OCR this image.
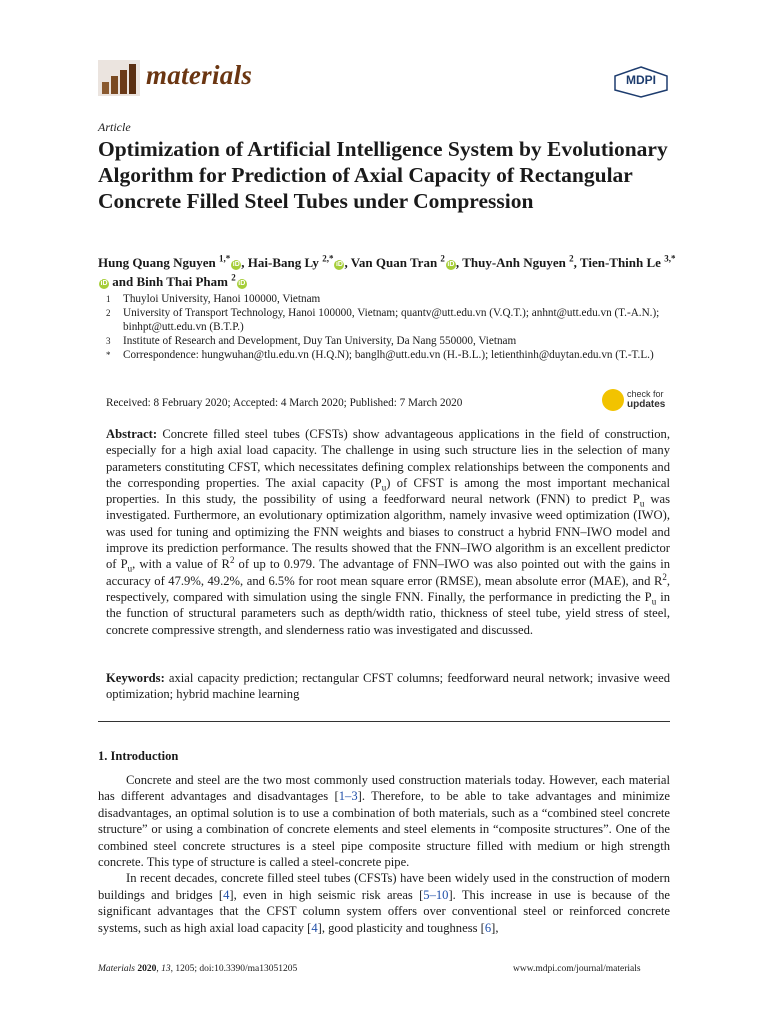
materials	MDPI
Article
Optimization of Artificial Intelligence System by Evolutionary Algorithm for Prediction of Axial Capacity of Rectangular Concrete Filled Steel Tubes under Compression
Hung Quang Nguyen $^{1,*}$iD , Hai-Bang Ly $^{2,*}$iD , Van Quan Tran $^2$iD , Thuy-Anh Nguyen $^2$, Tien-Thinh Le $^{3,*}$iD and Binh Thai Pham $^2$iD
1	Thuyloi University, Hanoi 100000, Vietnam
2	University of Transport Technology, Hanoi 100000, Vietnam; quantv@utt.edu.vn (V.Q.T.); anhnt@utt.edu.vn (T.-A.N.); binhpt@utt.edu.vn (B.T.P.)
3	Institute of Research and Development, Duy Tan University, Da Nang 550000, Vietnam
*	Correspondence: hungwuhan@tlu.edu.vn (H.Q.N); banglh@utt.edu.vn (H.-B.L.); letienthinh@duytan.edu.vn (T.-T.L.)
Received: 8 February 2020; Accepted: 4 March 2020; Published: 7 March 2020
check for
updates
Abstract: Concrete filled steel tubes (CFSTs) show advantageous applications in the field of construction, especially for a high axial load capacity. The challenge in using such structure lies in the selection of many parameters constituting CFST, which necessitates defining complex relationships between the components and the corresponding properties. The axial capacity $(P_u)$ of CFST is among the most important mechanical properties. In this study, the possibility of using a feedforward neural network (FNN) to predict $P_u$ was investigated. Furthermore, an evolutionary optimization algorithm, namely invasive weed optimization (IWO), was used for tuning and optimizing the FNN weights and biases to construct a hybrid FNN–IWO model and improve its prediction performance. The results showed that the FNN–IWO algorithm is an excellent predictor of $P_u$, with a value of $R^2$ of up to 0.979. The advantage of FNN–IWO was also pointed out with the gains in accuracy of 47.9%, 49.2%, and 6.5% for root mean square error (RMSE), mean absolute error (MAE), and $R^2$, respectively, compared with simulation using the single FNN. Finally, the performance in predicting the $P_u$ in the function of structural parameters such as depth/width ratio, thickness of steel tube, yield stress of steel, concrete compressive strength, and slenderness ratio was investigated and discussed.
Keywords: axial capacity prediction; rectangular CFST columns; feedforward neural network; invasive weed optimization; hybrid machine learning
1. Introduction

Concrete and steel are the two most commonly used construction materials today. However, each material has different advantages and disadvantages [1–3]. Therefore, to be able to take advantages and minimize disadvantages, an optimal solution is to use a combination of both materials, such as a “combined steel concrete structure” or using a combination of concrete elements and steel elements in “composite structures”. One of the combined steel concrete structures is a steel pipe composite structure filled with medium or high strength concrete. This type of structure is called a steel-concrete pipe.

In recent decades, concrete filled steel tubes (CFSTs) have been widely used in the construction of modern buildings and bridges [4], even in high seismic risk areas [5–10]. This increase in use is because of the significant advantages that the CFST column system offers over conventional steel or reinforced concrete systems, such as high axial load capacity [4], good plasticity and toughness [6],

Materials 2020, 13, 1205; doi:10.3390/ma13051205	www.mdpi.com/journal/materials
